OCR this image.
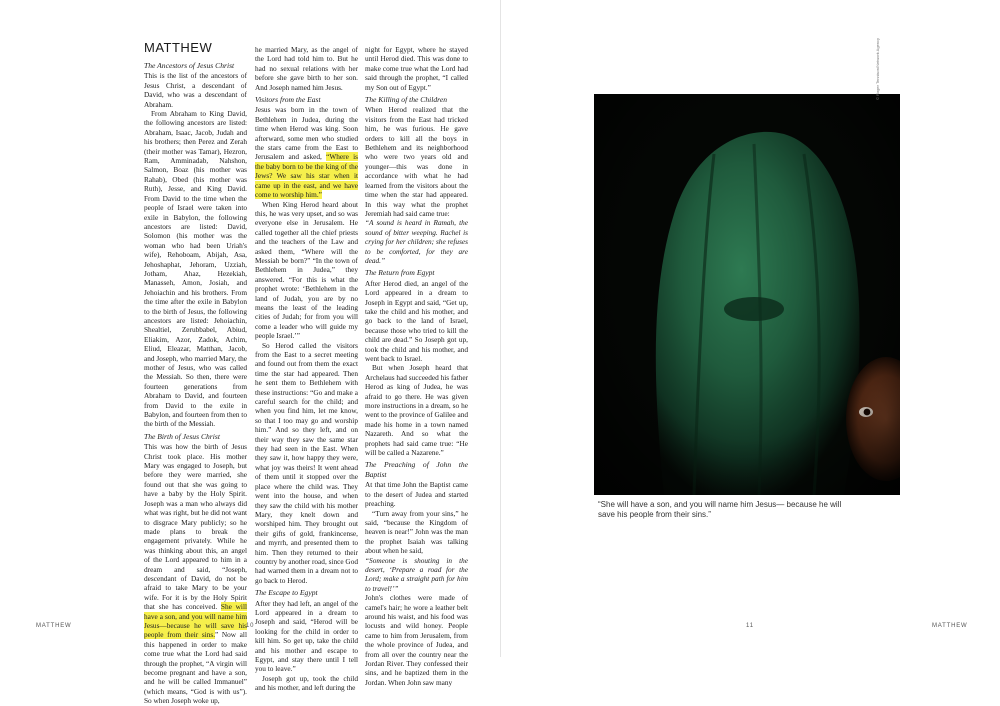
MATTHEW
The Ancestors of Jesus Christ

This is the list of the ancestors of Jesus Christ, a descendant of David, who was a descendant of Abraham.

From Abraham to King David, the following ancestors are listed: Abraham, Isaac, Jacob, Judah and his brothers; then Perez and Zerah (their mother was Tamar), Hezron, Ram, Amminadab, Nahshon, Salmon, Boaz (his mother was Rahab), Obed (his mother was Ruth), Jesse, and King David. From David to the time when the people of Israel were taken into exile in Babylon, the following ancestors are listed: David, Solomon (his mother was the woman who had been Uriah's wife), Rehoboam, Abijah, Asa, Jehoshaphat, Jehoram, Uzziah, Jotham, Ahaz, Hezekiah, Manasseh, Amon, Josiah, and Jehoiachin and his brothers. From the time after the exile in Babylon to the birth of Jesus, the following ancestors are listed: Jehoiachin, Shealtiel, Zerubbabel, Abiud, Eliakim, Azor, Zadok, Achim, Eliud, Eleazar, Matthan, Jacob, and Joseph, who married Mary, the mother of Jesus, who was called the Messiah. So then, there were fourteen generations from Abraham to David, and fourteen from David to the exile in Babylon, and fourteen from then to the birth of the Messiah.

The Birth of Jesus Christ

This was how the birth of Jesus Christ took place. His mother Mary was engaged to Joseph, but before they were married, she found out that she was going to have a baby by the Holy Spirit. Joseph was a man who always did what was right, but he did not want to disgrace Mary publicly; so he made plans to break the engagement privately. While he was thinking about this, an angel of the Lord appeared to him in a dream and said, “Joseph, descendant of David, do not be afraid to take Mary to be your wife. For it is by the Holy Spirit that she has conceived. She will have a son, and you will name him Jesus—because he will save his people from their sins.” Now all this happened in order to make come true what the Lord had said through the prophet, “A virgin will become pregnant and have a son, and he will be called Immanuel” (which means, “God is with us”). So when Joseph woke up,

he married Mary, as the angel of the Lord had told him to. But he had no sexual relations with her before she gave birth to her son. And Joseph named him Jesus.

Visitors from the East

Jesus was born in the town of Bethlehem in Judea, during the time when Herod was king. Soon afterward, some men who studied the stars came from the East to Jerusalem and asked, “Where is the baby born to be the king of the Jews? We saw his star when it came up in the east, and we have come to worship him.”

When King Herod heard about this, he was very upset, and so was everyone else in Jerusalem. He called together all the chief priests and the teachers of the Law and asked them, “Where will the Messiah be born?” “In the town of Bethlehem in Judea,” they answered. “For this is what the prophet wrote: ‘Bethlehem in the land of Judah, you are by no means the least of the leading cities of Judah; for from you will come a leader who will guide my people Israel.’”

So Herod called the visitors from the East to a secret meeting and found out from them the exact time the star had appeared. Then he sent them to Bethlehem with these instructions: “Go and make a careful search for the child; and when you find him, let me know, so that I too may go and worship him.” And so they left, and on their way they saw the same star they had seen in the East. When they saw it, how happy they were, what joy was theirs! It went ahead of them until it stopped over the place where the child was. They went into the house, and when they saw the child with his mother Mary, they knelt down and worshiped him. They brought out their gifts of gold, frankincense, and myrrh, and presented them to him. Then they returned to their country by another road, since God had warned them in a dream not to go back to Herod.

The Escape to Egypt

After they had left, an angel of the Lord appeared in a dream to Joseph and said, “Herod will be looking for the child in order to kill him. So get up, take the child and his mother and escape to Egypt, and stay there until I tell you to leave.”

Joseph got up, took the child and his mother, and left during the

night for Egypt, where he stayed until Herod died. This was done to make come true what the Lord had said through the prophet, “I called my Son out of Egypt.”

The Killing of the Children

When Herod realized that the visitors from the East had tricked him, he was furious. He gave orders to kill all the boys in Bethlehem and its neighborhood who were two years old and younger—this was done in accordance with what he had learned from the visitors about the time when the star had appeared. In this way what the prophet Jeremiah had said came true:

“A sound is heard in Ramah, the sound of bitter weeping. Rachel is crying for her children; she refuses to be comforted, for they are dead.”

The Return from Egypt

After Herod died, an angel of the Lord appeared in a dream to Joseph in Egypt and said, “Get up, take the child and his mother, and go back to the land of Israel, because those who tried to kill the child are dead.” So Joseph got up, took the child and his mother, and went back to Israel.

But when Joseph heard that Archelaus had succeeded his father Herod as king of Judea, he was afraid to go there. He was given more instructions in a dream, so he went to the province of Galilee and made his home in a town named Nazareth. And so what the prophets had said came true: “He will be called a Nazarene.”

The Preaching of John the Baptist

At that time John the Baptist came to the desert of Judea and started preaching.

“Turn away from your sins,” he said, “because the Kingdom of heaven is near!” John was the man the prophet Isaiah was talking about when he said,

“Someone is shouting in the desert, ‘Prepare a road for the Lord; make a straight path for him to travel!’”

John's clothes were made of camel's hair; he wore a leather belt around his waist, and his food was locusts and wild honey. People came to him from Jerusalem, from the whole province of Judea, and from all over the country near the Jordan River. They confessed their sins, and he baptized them in the Jordan. When John saw many

© Roger Tennison/Network Agency
“She will have a son, and you will name him Jesus— because he will save his people from their sins.”
MATTHEW	10	11	MATTHEW
